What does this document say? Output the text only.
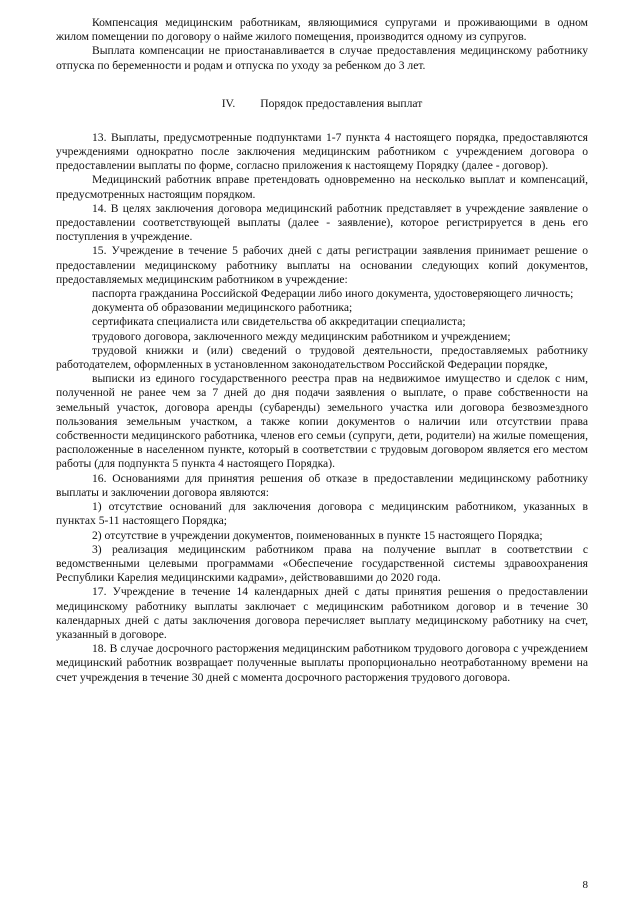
Компенсация медицинским работникам, являющимися супругами и проживающими в одном жилом помещении по договору о найме жилого помещения, производится одному из супругов.

Выплата компенсации не приостанавливается в случае предоставления медицинскому работнику отпуска по беременности и родам и отпуска по уходу за ребенком до 3 лет.

IV. Порядок предоставления выплат

13. Выплаты, предусмотренные подпунктами 1-7 пункта 4 настоящего порядка, предоставляются учреждениями однократно после заключения медицинским работником с учреждением договора о предоставлении выплаты по форме, согласно приложения к настоящему Порядку (далее - договор).

Медицинский работник вправе претендовать одновременно на несколько выплат и компенсаций, предусмотренных настоящим порядком.

14. В целях заключения договора медицинский работник представляет в учреждение заявление о предоставлении соответствующей выплаты (далее - заявление), которое регистрируется в день его поступления в учреждение.

15. Учреждение в течение 5 рабочих дней с даты регистрации заявления принимает решение о предоставлении медицинскому работнику выплаты на основании следующих копий документов, предоставляемых медицинским работником в учреждение:

паспорта гражданина Российской Федерации либо иного документа, удостоверяющего личность;

документа об образовании медицинского работника;

сертификата специалиста или свидетельства об аккредитации специалиста;

трудового договора, заключенного между медицинским работником и учреждением;

трудовой книжки и (или) сведений о трудовой деятельности, предоставляемых работнику работодателем, оформленных в установленном законодательством Российской Федерации порядке,

выписки из единого государственного реестра прав на недвижимое имущество и сделок с ним, полученной не ранее чем за 7 дней до дня подачи заявления о выплате, о праве собственности на земельный участок, договора аренды (субаренды) земельного участка или договора безвозмездного пользования земельным участком, а также копии документов о наличии или отсутствии права собственности медицинского работника, членов его семьи (супруги, дети, родители) на жилые помещения, расположенные в населенном пункте, который в соответствии с трудовым договором является его местом работы (для подпункта 5 пункта 4 настоящего Порядка).

16. Основаниями для принятия решения об отказе в предоставлении медицинскому работнику выплаты и заключении договора являются:

1) отсутствие оснований для заключения договора с медицинским работником, указанных в пунктах 5-11 настоящего Порядка;

2) отсутствие в учреждении документов, поименованных в пункте 15 настоящего Порядка;

3) реализация медицинским работником права на получение выплат в соответствии с ведомственными целевыми программами «Обеспечение государственной системы здравоохранения Республики Карелия медицинскими кадрами», действовавшими до 2020 года.

17. Учреждение в течение 14 календарных дней с даты принятия решения о предоставлении медицинскому работнику выплаты заключает с медицинским работником договор и в течение 30 календарных дней с даты заключения договора перечисляет выплату медицинскому работнику на счет, указанный в договоре.

18. В случае досрочного расторжения медицинским работником трудового договора с учреждением медицинский работник возвращает полученные выплаты пропорционально неотработанному времени на счет учреждения в течение 30 дней с момента досрочного расторжения трудового договора.

8
